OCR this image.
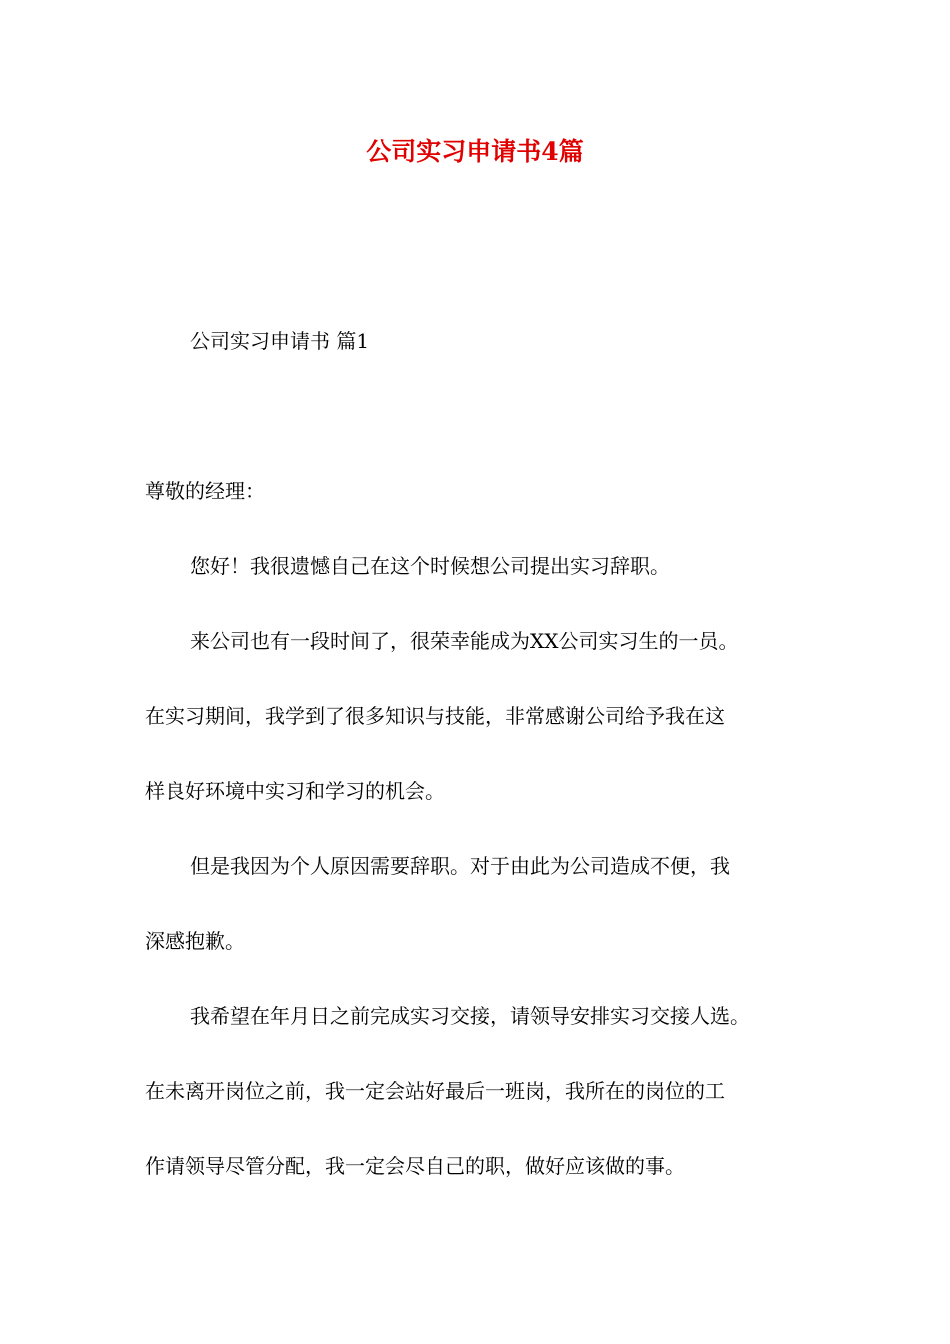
公司实习申请书4篇
公司实习申请书 篇1
尊敬的经理：
您好！我很遗憾自己在这个时候想公司提出实习辞职。
来公司也有一段时间了，很荣幸能成为XX公司实习生的一员。
在实习期间，我学到了很多知识与技能，非常感谢公司给予我在这
样良好环境中实习和学习的机会。
但是我因为个人原因需要辞职。对于由此为公司造成不便，我
深感抱歉。
我希望在年月日之前完成实习交接，请领导安排实习交接人选。
在未离开岗位之前，我一定会站好最后一班岗，我所在的岗位的工
作请领导尽管分配，我一定会尽自己的职，做好应该做的事。
